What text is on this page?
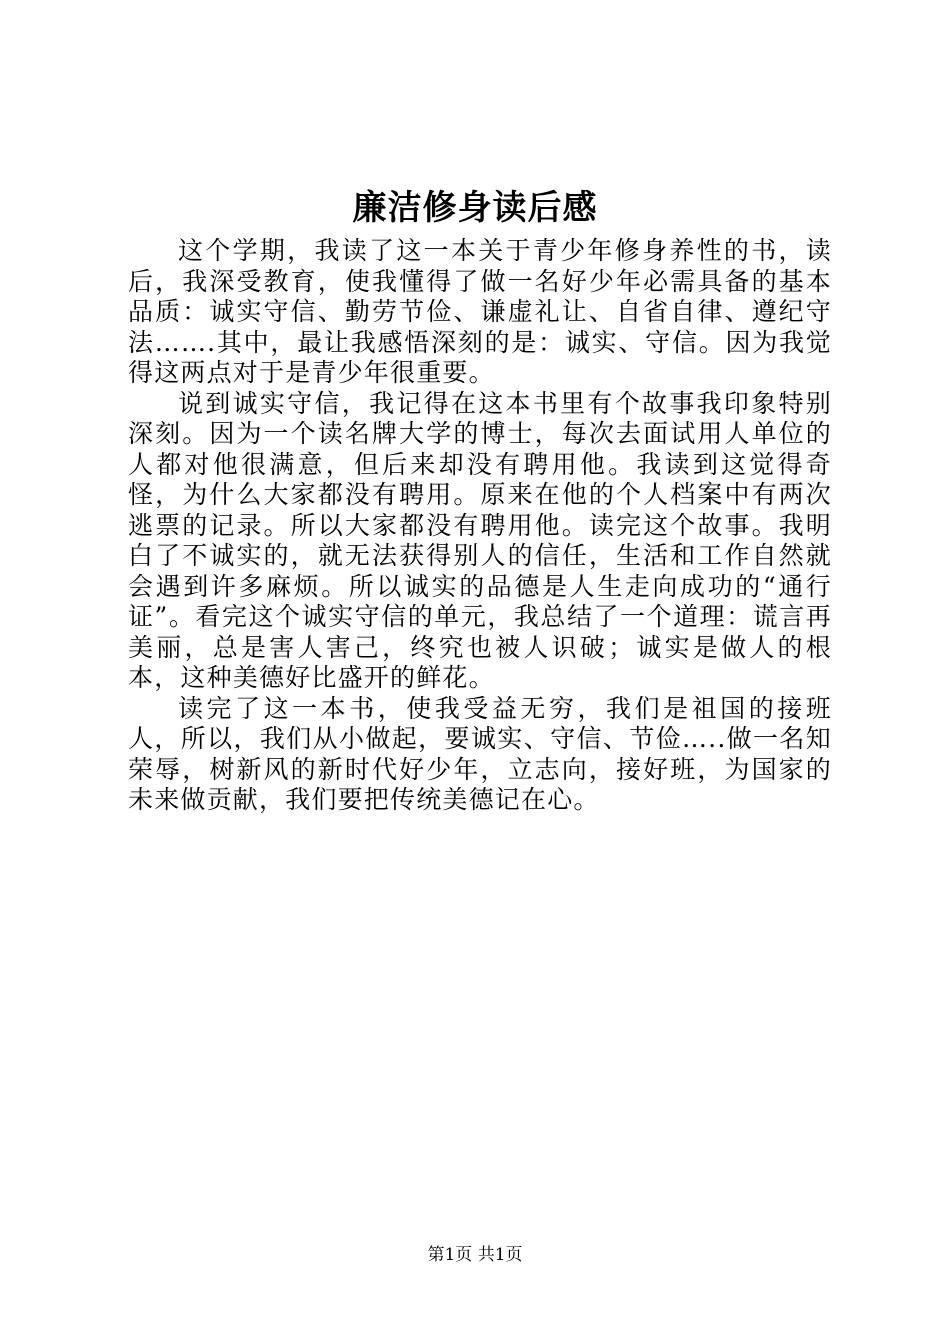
廉洁修身读后感

这个学期，我读了这一本关于青少年修身养性的书，读后，我深受教育，使我懂得了做一名好少年必需具备的基本品质：诚实守信、勤劳节俭、谦虚礼让、自省自律、遵纪守法…….其中，最让我感悟深刻的是：诚实、守信。因为我觉得这两点对于是青少年很重要。

说到诚实守信，我记得在这本书里有个故事我印象特别深刻。因为一个读名牌大学的博士，每次去面试用人单位的人都对他很满意，但后来却没有聘用他。我读到这觉得奇怪，为什么大家都没有聘用。原来在他的个人档案中有两次逃票的记录。所以大家都没有聘用他。读完这个故事。我明白了不诚实的，就无法获得别人的信任，生活和工作自然就会遇到许多麻烦。所以诚实的品德是人生走向成功的“通行证”。看完这个诚实守信的单元，我总结了一个道理：谎言再美丽，总是害人害己，终究也被人识破；诚实是做人的根本，这种美德好比盛开的鲜花。

读完了这一本书，使我受益无穷，我们是祖国的接班人，所以，我们从小做起，要诚实、守信、节俭…..做一名知荣辱，树新风的新时代好少年，立志向，接好班，为国家的未来做贡献，我们要把传统美德记在心。

第1页 共1页
